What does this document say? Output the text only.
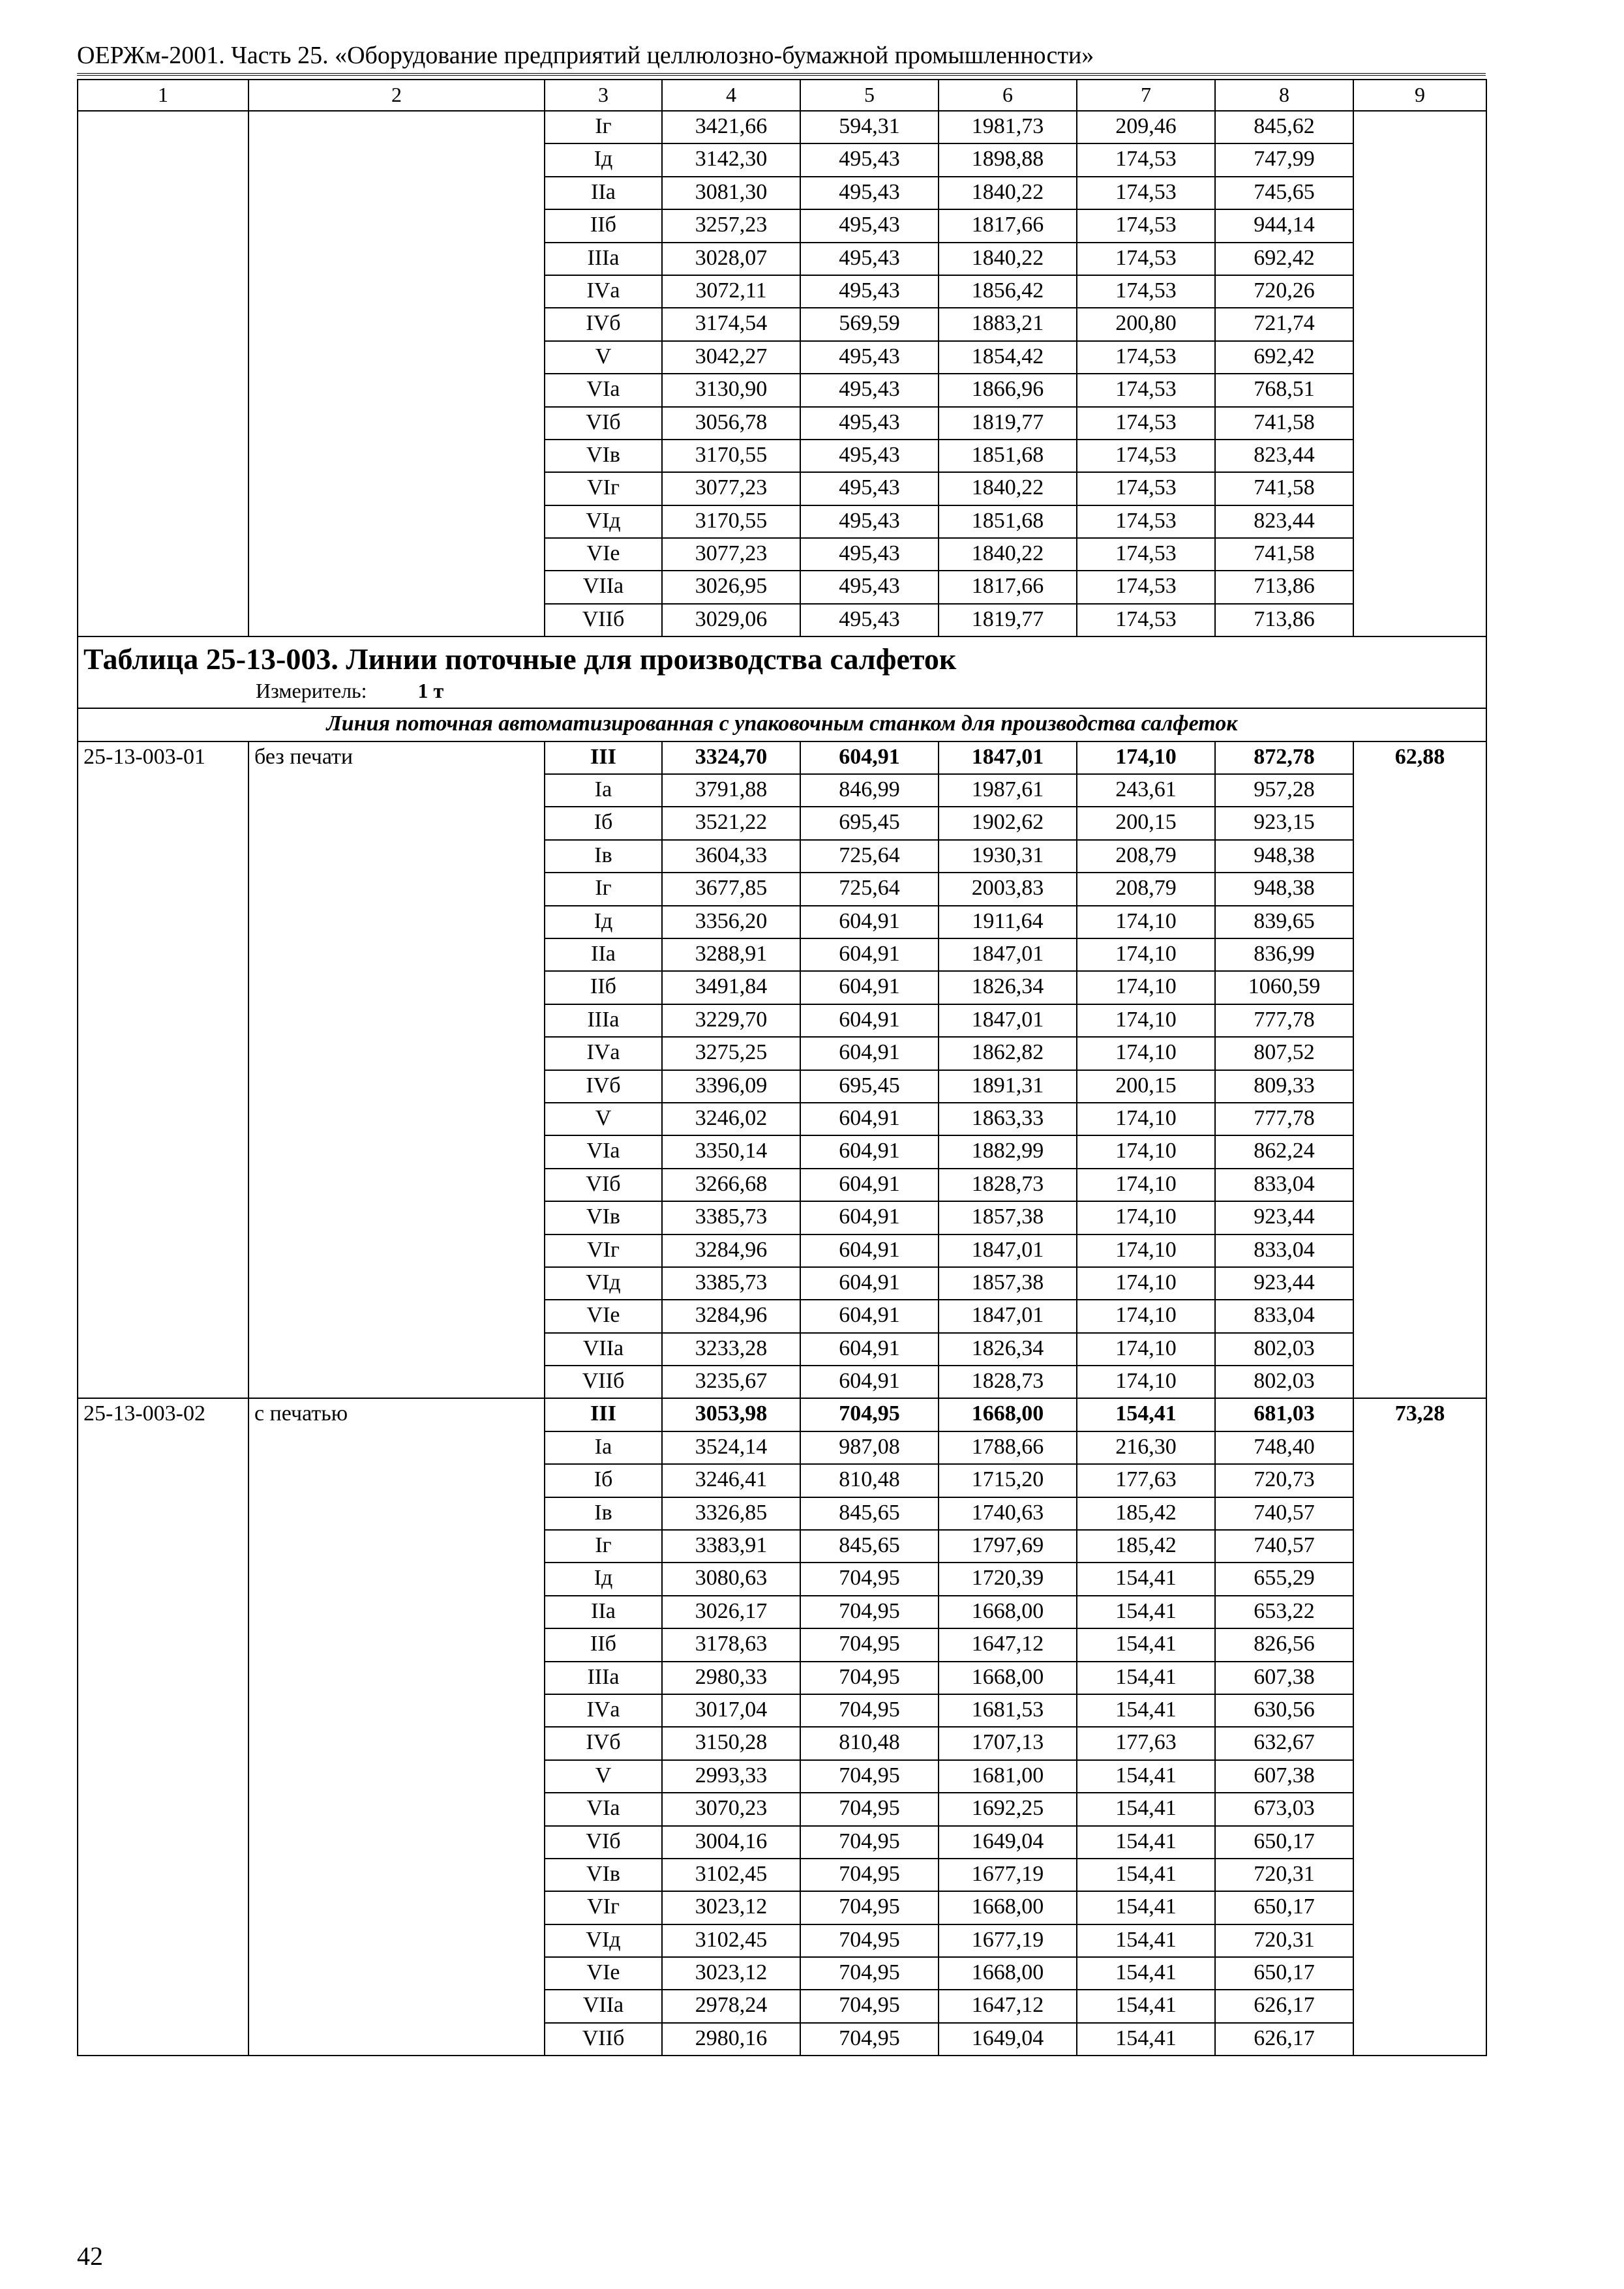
ОЕРЖм-2001. Часть 25. «Оборудование предприятий целлюлозно-бумажной промышленности»
1	2	3	4	5	6	7	8	9
		Iг	3421,66	594,31	1981,73	209,46	845,62	
		Iд	3142,30	495,43	1898,88	174,53	747,99	
		IIа	3081,30	495,43	1840,22	174,53	745,65	
		IIб	3257,23	495,43	1817,66	174,53	944,14	
		IIIа	3028,07	495,43	1840,22	174,53	692,42	
		IVа	3072,11	495,43	1856,42	174,53	720,26	
		IVб	3174,54	569,59	1883,21	200,80	721,74	
		V	3042,27	495,43	1854,42	174,53	692,42	
		VIа	3130,90	495,43	1866,96	174,53	768,51	
		VIб	3056,78	495,43	1819,77	174,53	741,58	
		VIв	3170,55	495,43	1851,68	174,53	823,44	
		VIг	3077,23	495,43	1840,22	174,53	741,58	
		VIд	3170,55	495,43	1851,68	174,53	823,44	
		VIе	3077,23	495,43	1840,22	174,53	741,58	
		VIIа	3026,95	495,43	1817,66	174,53	713,86	
		VIIб	3029,06	495,43	1819,77	174,53	713,86	

Таблица 25-13-003. Линии поточные для производства салфеток
Измеритель: 1 т								

Линия поточная автоматизированная с упаковочным станком для производства салфеток								
25-13-003-01	без печати	III	3324,70	604,91	1847,01	174,10	872,78	62,88
		Iа	3791,88	846,99	1987,61	243,61	957,28	
		Iб	3521,22	695,45	1902,62	200,15	923,15	
		Iв	3604,33	725,64	1930,31	208,79	948,38	
		Iг	3677,85	725,64	2003,83	208,79	948,38	
		Iд	3356,20	604,91	1911,64	174,10	839,65	
		IIа	3288,91	604,91	1847,01	174,10	836,99	
		IIб	3491,84	604,91	1826,34	174,10	1060,59	
		IIIа	3229,70	604,91	1847,01	174,10	777,78	
		IVа	3275,25	604,91	1862,82	174,10	807,52	
		IVб	3396,09	695,45	1891,31	200,15	809,33	
		V	3246,02	604,91	1863,33	174,10	777,78	
		VIа	3350,14	604,91	1882,99	174,10	862,24	
		VIб	3266,68	604,91	1828,73	174,10	833,04	
		VIв	3385,73	604,91	1857,38	174,10	923,44	
		VIг	3284,96	604,91	1847,01	174,10	833,04	
		VIд	3385,73	604,91	1857,38	174,10	923,44	
		VIе	3284,96	604,91	1847,01	174,10	833,04	
		VIIа	3233,28	604,91	1826,34	174,10	802,03	
		VIIб	3235,67	604,91	1828,73	174,10	802,03	
25-13-003-02	с печатью	III	3053,98	704,95	1668,00	154,41	681,03	73,28
		Iа	3524,14	987,08	1788,66	216,30	748,40	
		Iб	3246,41	810,48	1715,20	177,63	720,73	
		Iв	3326,85	845,65	1740,63	185,42	740,57	
		Iг	3383,91	845,65	1797,69	185,42	740,57	
		Iд	3080,63	704,95	1720,39	154,41	655,29	
		IIа	3026,17	704,95	1668,00	154,41	653,22	
		IIб	3178,63	704,95	1647,12	154,41	826,56	
		IIIа	2980,33	704,95	1668,00	154,41	607,38	
		IVа	3017,04	704,95	1681,53	154,41	630,56	
		IVб	3150,28	810,48	1707,13	177,63	632,67	
		V	2993,33	704,95	1681,00	154,41	607,38	
		VIа	3070,23	704,95	1692,25	154,41	673,03	
		VIб	3004,16	704,95	1649,04	154,41	650,17	
		VIв	3102,45	704,95	1677,19	154,41	720,31	
		VIг	3023,12	704,95	1668,00	154,41	650,17	
		VIд	3102,45	704,95	1677,19	154,41	720,31	
		VIе	3023,12	704,95	1668,00	154,41	650,17	
		VIIа	2978,24	704,95	1647,12	154,41	626,17	
		VIIб	2980,16	704,95	1649,04	154,41	626,17	
42
